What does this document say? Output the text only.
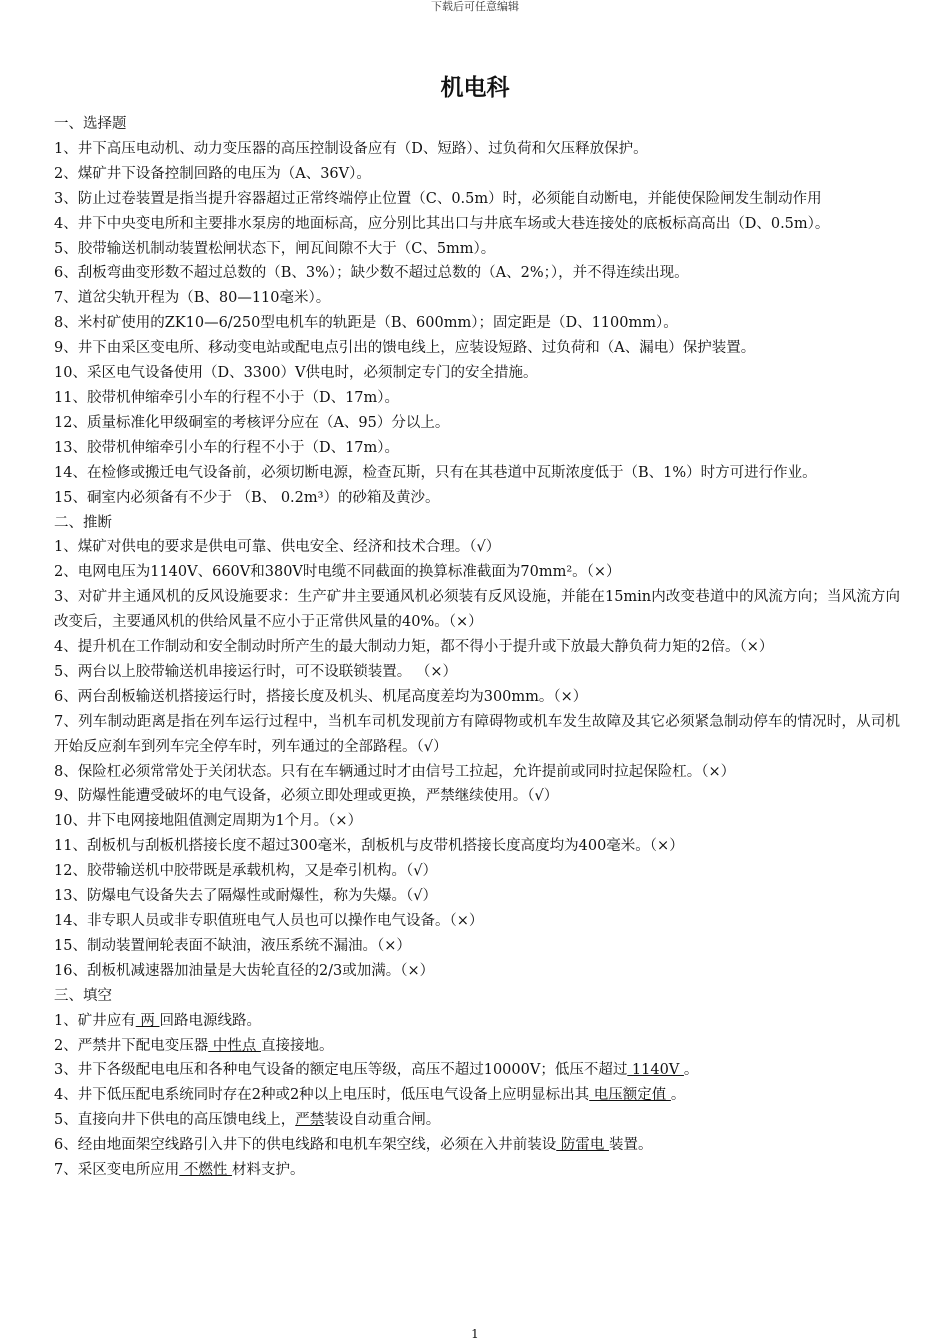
下载后可任意编辑
机电科
一、选择题
1、井下高压电动机、动力变压器的高压控制设备应有（D、短路）、过负荷和欠压释放保护。
2、煤矿井下设备控制回路的电压为（A、36V）。
3、防止过卷装置是指当提升容器超过正常终端停止位置（C、0.5m）时，必须能自动断电，并能使保险闸发生制动作用
4、井下中央变电所和主要排水泵房的地面标高，应分别比其出口与井底车场或大巷连接处的底板标高高出（D、0.5m）。
5、胶带输送机制动装置松闸状态下，闸瓦间隙不大于（C、5mm）。
6、刮板弯曲变形数不超过总数的（B、3%）；缺少数不超过总数的（A、2%；），并不得连续出现。
7、道岔尖轨开程为（B、80—110毫米）。
8、米村矿使用的ZK10—6/250型电机车的轨距是（B、600mm）；固定距是（D、1100mm）。
9、井下由采区变电所、移动变电站或配电点引出的馈电线上，应装设短路、过负荷和（A、漏电）保护装置。
10、采区电气设备使用（D、3300）V供电时，必须制定专门的安全措施。
11、胶带机伸缩牵引小车的行程不小于（D、17m）。
12、质量标准化甲级硐室的考核评分应在（A、95）分以上。
13、胶带机伸缩牵引小车的行程不小于（D、17m）。
14、在检修或搬迁电气设备前，必须切断电源，检查瓦斯，只有在其巷道中瓦斯浓度低于（B、1%）时方可进行作业。
15、硐室内必须备有不少于 （B、 0.2m³）的砂箱及黄沙。
二、推断
1、煤矿对供电的要求是供电可靠、供电安全、经济和技术合理。（√）
2、电网电压为1140V、660V和380V时电缆不同截面的换算标准截面为70mm²。（×）
3、对矿井主通风机的反风设施要求：生产矿井主要通风机必须装有反风设施，并能在15min内改变巷道中的风流方向；当风流方向改变后，主要通风机的供给风量不应小于正常供风量的40%。（×）
4、提升机在工作制动和安全制动时所产生的最大制动力矩，都不得小于提升或下放最大静负荷力矩的2倍。（×）
5、两台以上胶带输送机串接运行时，可不设联锁装置。 （×）
6、两台刮板输送机搭接运行时，搭接长度及机头、机尾高度差均为300mm。（×）
7、列车制动距离是指在列车运行过程中，当机车司机发现前方有障碍物或机车发生故障及其它必须紧急制动停车的情况时，从司机开始反应刹车到列车完全停车时，列车通过的全部路程。（√）
8、保险杠必须常常处于关闭状态。只有在车辆通过时才由信号工拉起，允许提前或同时拉起保险杠。（×）
9、防爆性能遭受破坏的电气设备，必须立即处理或更换，严禁继续使用。（√）
10、井下电网接地阻值测定周期为1个月。（×）
11、刮板机与刮板机搭接长度不超过300毫米，刮板机与皮带机搭接长度高度均为400毫米。（×）
12、胶带输送机中胶带既是承载机构，又是牵引机构。（√）
13、防爆电气设备失去了隔爆性或耐爆性，称为失爆。（√）
14、非专职人员或非专职值班电气人员也可以操作电气设备。（×）
15、制动装置闸轮表面不缺油，液压系统不漏油。（×）
16、刮板机减速器加油量是大齿轮直径的2/3或加满。（×）
三、填空
1、矿井应有 两 回路电源线路。
2、严禁井下配电变压器 中性点 直接接地。
3、井下各级配电电压和各种电气设备的额定电压等级，高压不超过10000V；低压不超过 1140V 。
4、井下低压配电系统同时存在2种或2种以上电压时，低压电气设备上应明显标出其 电压额定值 。
5、直接向井下供电的高压馈电线上，严禁装设自动重合闸。
6、经由地面架空线路引入井下的供电线路和电机车架空线，必须在入井前装设 防雷电 装置。
7、采区变电所应用 不燃性 材料支护。
1
